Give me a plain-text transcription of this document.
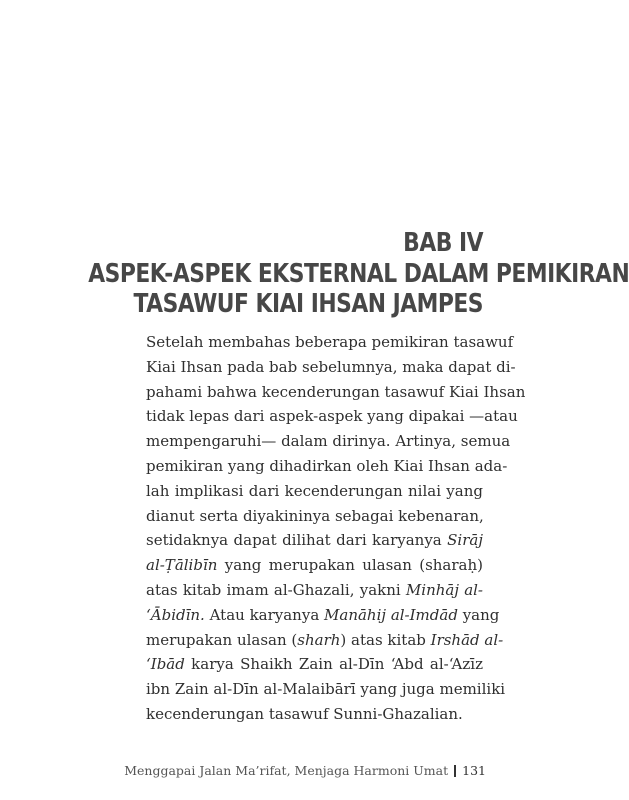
BAB IV
ASPEK-ASPEK EKSTERNAL DALAM PEMIKIRAN
TASAWUF KIAI IHSAN JAMPES
Setelah membahas beberapa pemikiran tasawuf
Kiai Ihsan pada bab sebelumnya, maka dapat di-
pahami bahwa kecenderungan tasawuf Kiai Ihsan
tidak lepas dari aspek-aspek yang dipakai —atau
mempengaruhi— dalam dirinya. Artinya, semua
pemikiran yang dihadirkan oleh Kiai Ihsan ada-
lah implikasi dari kecenderungan nilai yang
dianut serta diyakininya sebagai kebenaran,
setidaknya dapat dilihat dari karyanya Sirāj
al-Ṭālibīn yang merupakan ulasan (sharaḥ)
atas kitab imam al-Ghazali, yakni Minhāj al-
‘Ābidīn. Atau karyanya Manāhij al-Imdād yang
merupakan ulasan (sharh) atas kitab Irshād al-
‘Ibād karya Shaikh Zain al-Dīn ‘Abd al-‘Azīz
ibn Zain al-Dīn al-Malaibārī yang juga memiliki
kecenderungan tasawuf Sunni-Ghazalian.
Menggapai Jalan Ma’rifat, Menjaga Harmoni Umat 131
